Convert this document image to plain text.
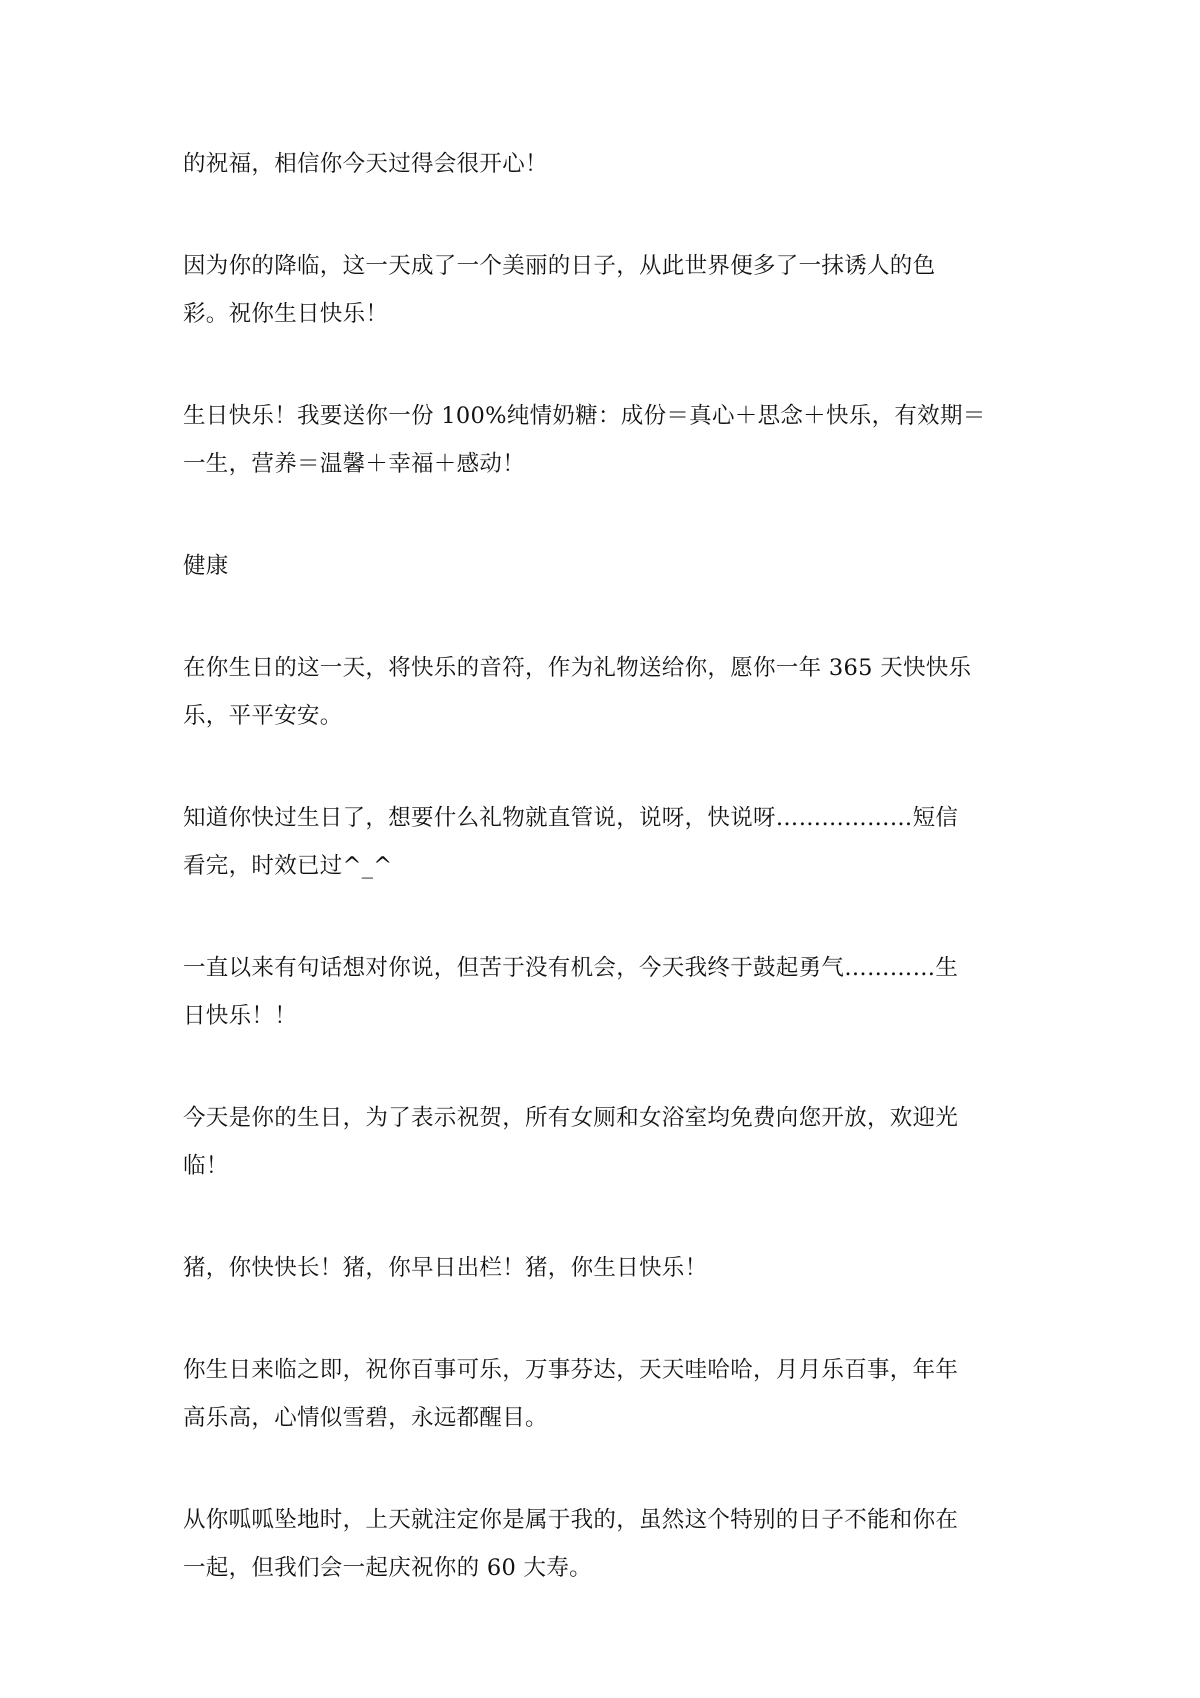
的祝福，相信你今天过得会很开心！

因为你的降临，这一天成了一个美丽的日子，从此世界便多了一抹诱人的色
彩。祝你生日快乐！

生日快乐！我要送你一份 100%纯情奶糖：成份＝真心＋思念＋快乐，有效期＝
一生，营养＝温馨＋幸福＋感动！

健康

在你生日的这一天，将快乐的音符，作为礼物送给你，愿你一年 365 天快快乐
乐，平平安安。

知道你快过生日了，想要什么礼物就直管说，说呀，快说呀………………短信
看完，时效已过^_^

一直以来有句话想对你说，但苦于没有机会，今天我终于鼓起勇气…………生
日快乐！！

今天是你的生日，为了表示祝贺，所有女厕和女浴室均免费向您开放，欢迎光
临！

猪，你快快长！猪，你早日出栏！猪，你生日快乐！

你生日来临之即，祝你百事可乐，万事芬达，天天哇哈哈，月月乐百事，年年
高乐高，心情似雪碧，永远都醒目。

从你呱呱坠地时，上天就注定你是属于我的，虽然这个特别的日子不能和你在
一起，但我们会一起庆祝你的 60 大寿。
